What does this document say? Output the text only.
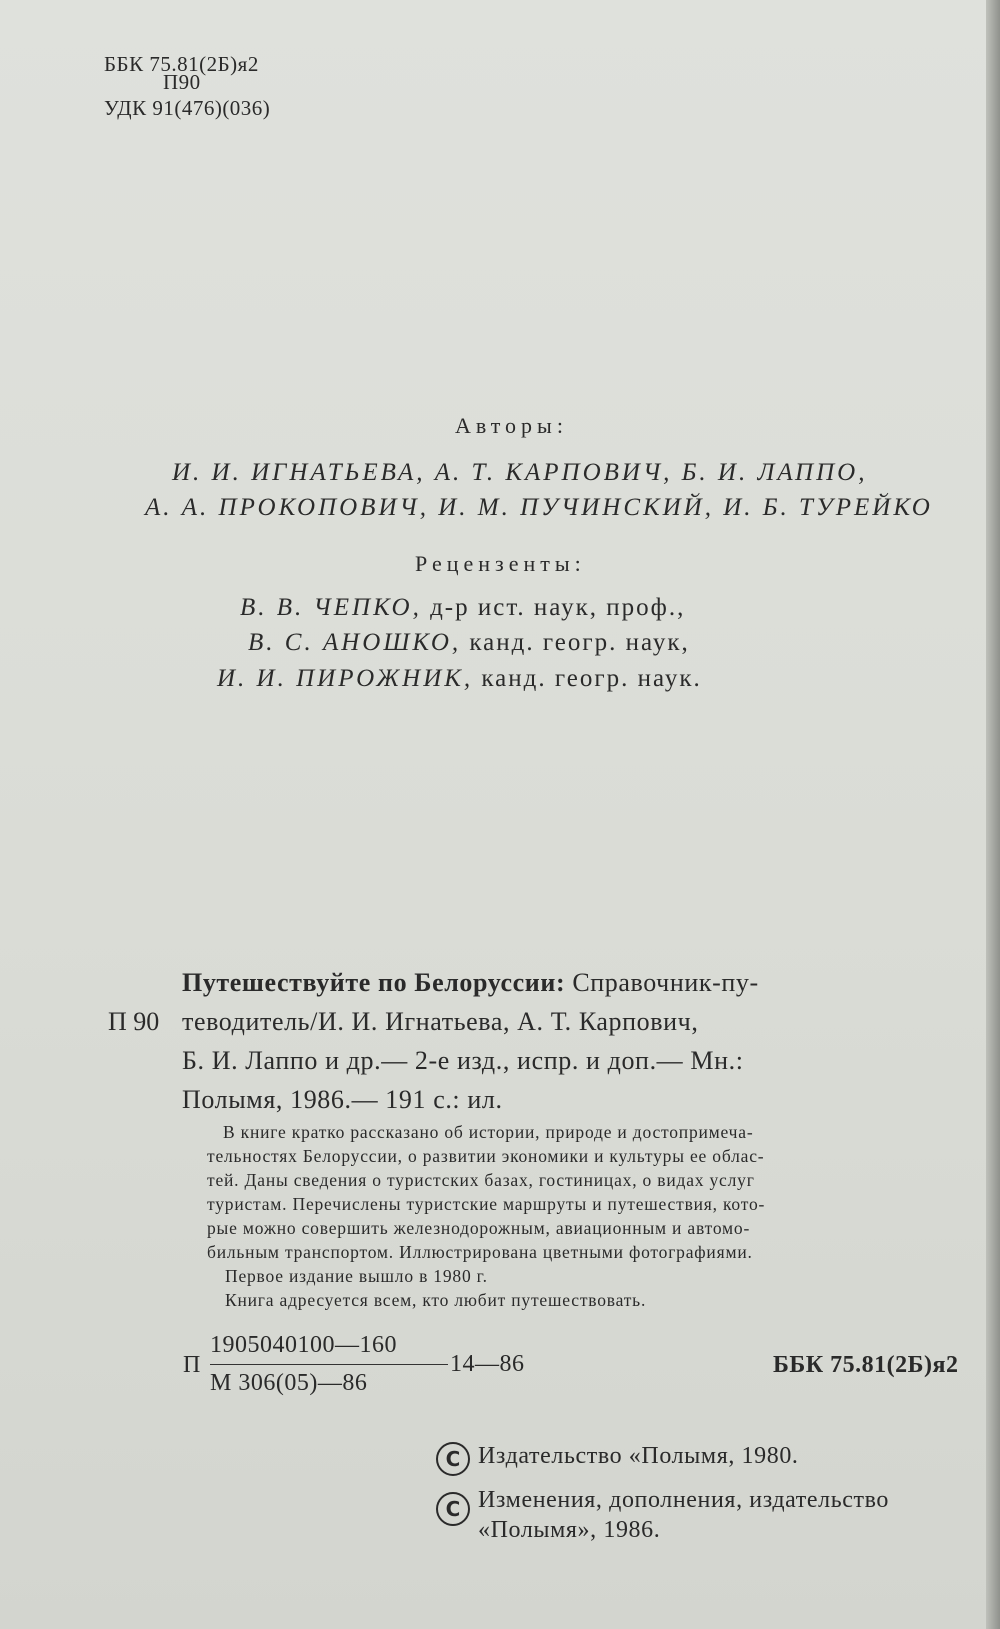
ББК 75.81(2Б)я2
П90
УДК 91(476)(036)
Авторы:
И. И. ИГНАТЬЕВА, А. Т. КАРПОВИЧ, Б. И. ЛАППО,
А. А. ПРОКОПОВИЧ, И. М. ПУЧИНСКИЙ, И. Б. ТУРЕЙКО
Рецензенты:
В. В. ЧЕПКО, д-р ист. наук, проф.,
В. С. АНОШКО, канд. геогр. наук,
И. И. ПИРОЖНИК, канд. геогр. наук.
П 90
Путешествуйте по Белоруссии: Справочник-пу-
теводитель/И. И. Игнатьева, А. Т. Карпович,
Б. И. Лаппо и др.— 2-е изд., испр. и доп.— Мн.:
Полымя, 1986.— 191 с.: ил.
В книге кратко рассказано об истории, природе и достопримеча-
тельностях Белоруссии, о развитии экономики и культуры ее облас-
тей. Даны сведения о туристских базах, гостиницах, о видах услуг
туристам. Перечислены туристские маршруты и путешествия, кото-
рые можно совершить железнодорожным, авиационным и автомо-
бильным транспортом. Иллюстрирована цветными фотографиями.
Первое издание вышло в 1980 г.
Книга адресуется всем, кто любит путешествовать.
П
1905040100—160
М 306(05)—86
14—86	ББК 75.81(2Б)я2
C Издательство «Полымя, 1980.
C Изменения, дополнения, издательство
«Полымя», 1986.
